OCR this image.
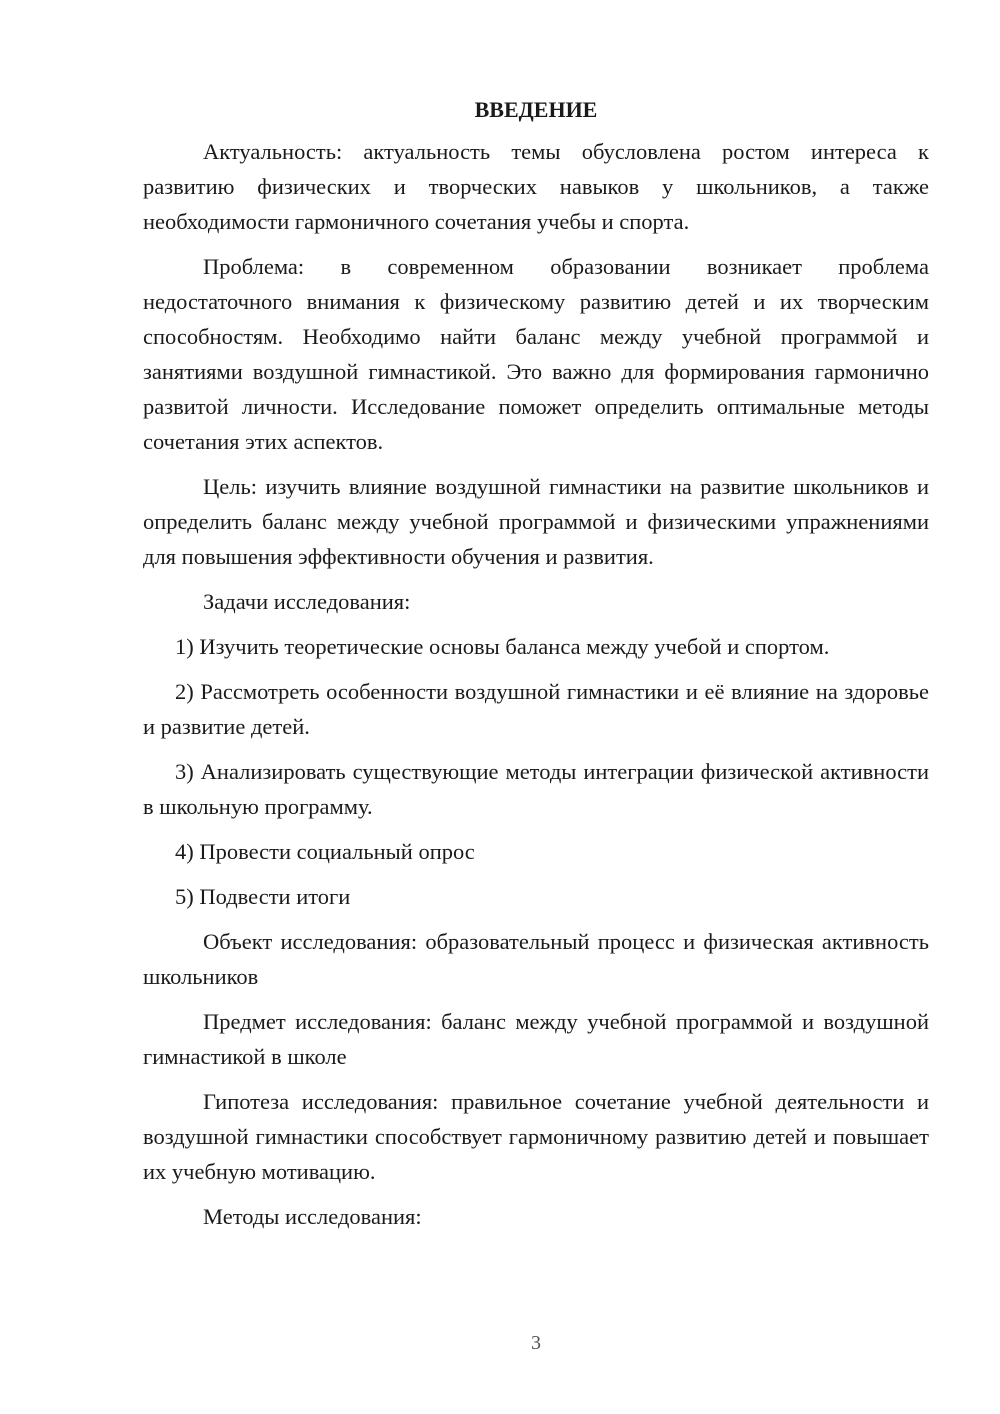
ВВЕДЕНИЕ

Актуальность: актуальность темы обусловлена ростом интереса к развитию физических и творческих навыков у школьников, а также необходимости гармоничного сочетания учебы и спорта.

Проблема: в современном образовании возникает проблема недостаточного внимания к физическому развитию детей и их творческим способностям. Необходимо найти баланс между учебной программой и занятиями воздушной гимнастикой. Это важно для формирования гармонично развитой личности. Исследование поможет определить оптимальные методы сочетания этих аспектов.

Цель: изучить влияние воздушной гимнастики на развитие школьников и определить баланс между учебной программой и физическими упражнениями для повышения эффективности обучения и развития.

Задачи исследования:

1) Изучить теоретические основы баланса между учебой и спортом.

2) Рассмотреть особенности воздушной гимнастики и её влияние на здоровье и развитие детей.

3) Анализировать существующие методы интеграции физической активности в школьную программу.

4) Провести социальный опрос

5) Подвести итоги

Объект исследования: образовательный процесс и физическая активность школьников

Предмет исследования: баланс между учебной программой и воздушной гимнастикой в школе

Гипотеза исследования: правильное сочетание учебной деятельности и воздушной гимнастики способствует гармоничному развитию детей и повышает их учебную мотивацию.

Методы исследования:

3
